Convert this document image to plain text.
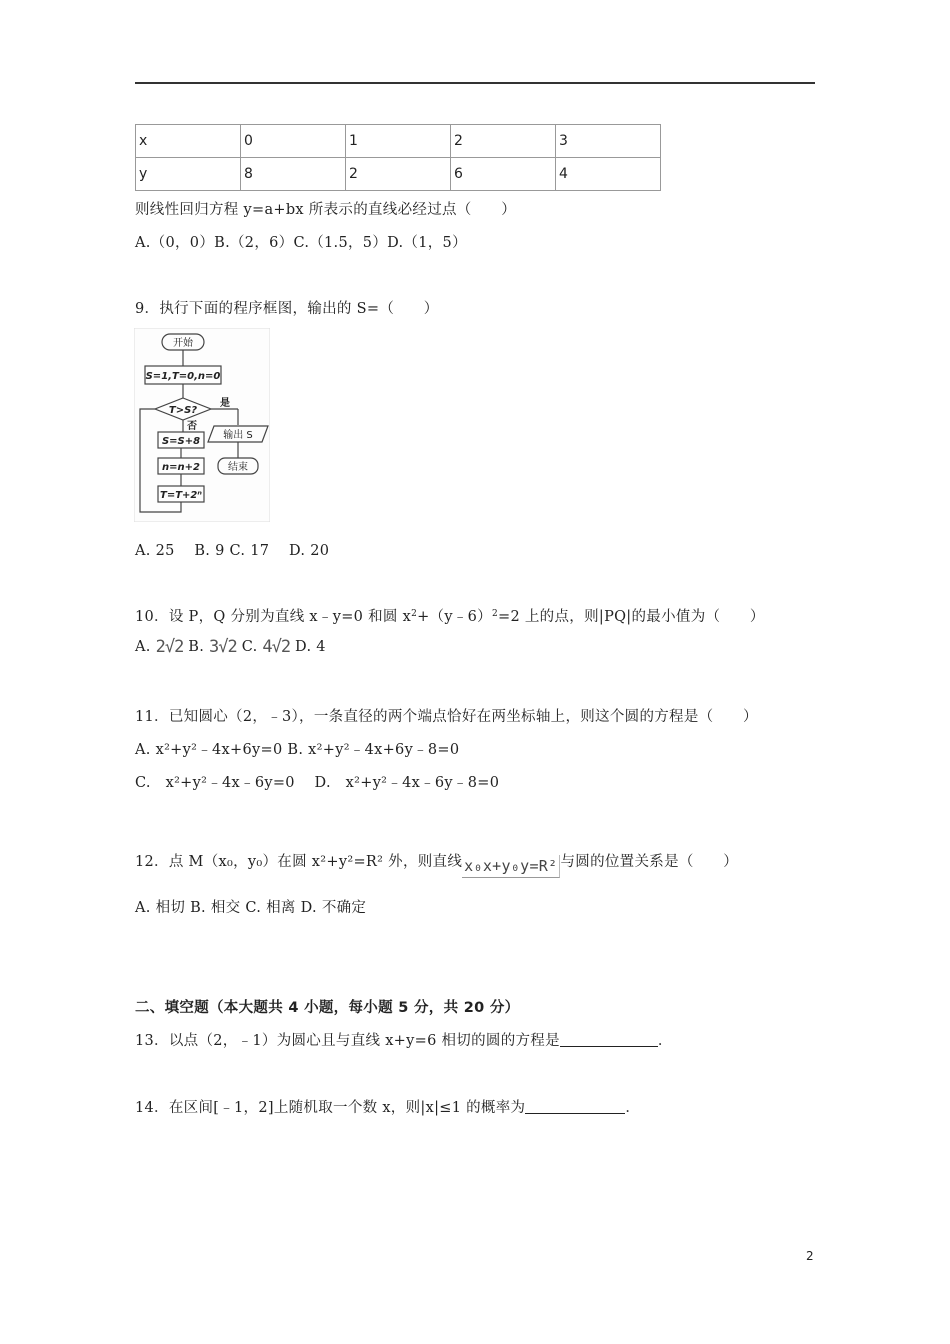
x	0	1	2	3
y	8	2	6	4
则线性回归方程 y=a+bx 所表示的直线必经过点（　　）
A.（0，0）B.（2，6）C.（1.5，5）D.（1，5）
9．执行下面的程序框图，输出的 S=（　　）
开始
S=1,T=0,n=0
T>S?
是
输出 S
结束
否
S=S+8
n=n+2
T=T+2ⁿ
A. 25　 B. 9 C. 17　 D. 20
10．设 P，Q 分别为直线 x﹣y=0 和圆 $x^2+(y﹣6)^2=2$ 上的点，则|PQ|的最小值为（　　）
A. 2√2 B. 3√2 C. 4√2 D. 4
11．已知圆心（2，﹣3），一条直径的两个端点恰好在两坐标轴上，则这个圆的方程是（　　）
A. x²+y²﹣4x+6y=0 B. x²+y²﹣4x+6y﹣8=0
C.　x²+y²﹣4x﹣6y=0　 D.　x²+y²﹣4x﹣6y﹣8=0
12．点 M（x₀，y₀）在圆 x²+y²=R² 外，则直线 x₀x+y₀y=R² 与圆的位置关系是（　　）
A. 相切 B. 相交 C. 相离 D. 不确定
二、填空题（本大题共 4 小题，每小题 5 分，共 20 分）
13．以点（2，﹣1）为圆心且与直线 x+y=6 相切的圆的方程是	．
14．在区间[﹣1，2]上随机取一个数 x，则|x|≤1 的概率为	．
2
